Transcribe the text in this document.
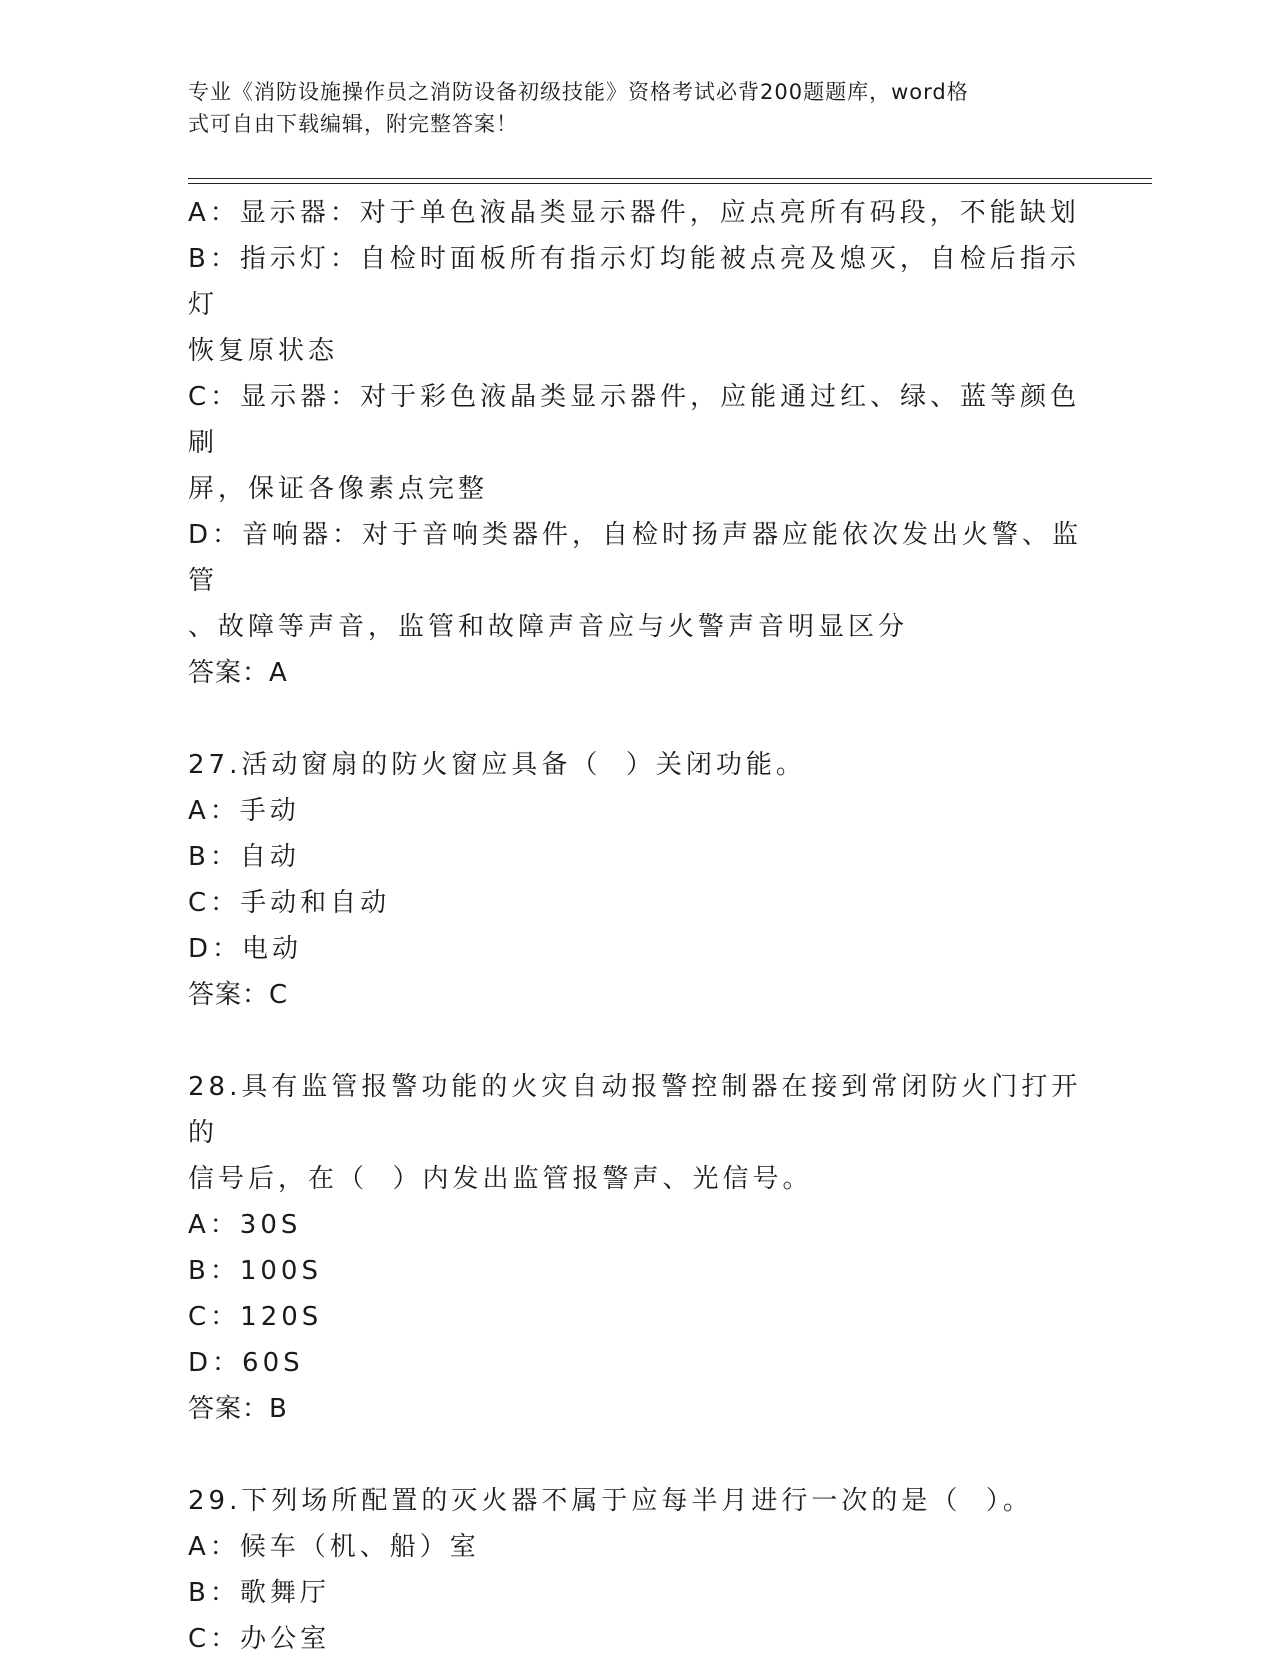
专业《消防设施操作员之消防设备初级技能》资格考试必背200题题库，word格
式可自由下载编辑，附完整答案！
A：显示器：对于单色液晶类显示器件，应点亮所有码段，不能缺划
B：指示灯：自检时面板所有指示灯均能被点亮及熄灭，自检后指示灯
恢复原状态
C：显示器：对于彩色液晶类显示器件，应能通过红、绿、蓝等颜色刷
屏，保证各像素点完整
D：音响器：对于音响类器件，自检时扬声器应能依次发出火警、监管
、故障等声音，监管和故障声音应与火警声音明显区分
答案：A
27.活动窗扇的防火窗应具备（  ）关闭功能。
A：手动
B：自动
C：手动和自动
D：电动
答案：C
28.具有监管报警功能的火灾自动报警控制器在接到常闭防火门打开的
信号后，在（  ）内发出监管报警声、光信号。
A：30S
B：100S
C：120S
D：60S
答案：B
29.下列场所配置的灭火器不属于应每半月进行一次的是（  ）。
A：候车（机、船）室
B：歌舞厅
C：办公室
